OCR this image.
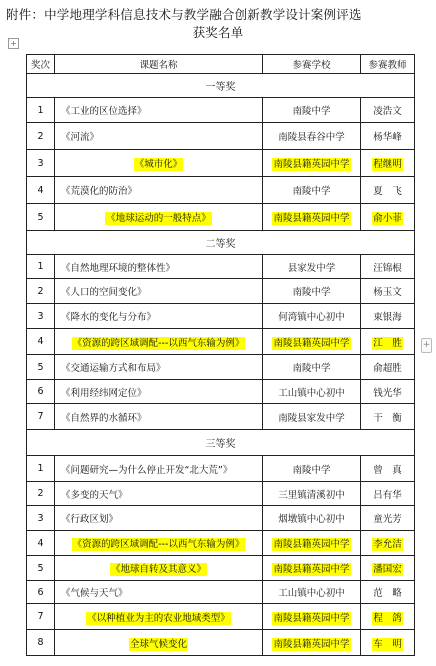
附件：中学地理学科信息技术与教学融合创新教学设计案例评选
获奖名单
+
+
奖次	课题名称	参赛学校	参赛教师
一等奖			
1	《工业的区位选择》	南陵中学	凌浩文
2	《河流》	南陵县春谷中学	杨华峰
3	《城市化》	南陵县籍英园中学	程继明
4	《荒漠化的防治》	南陵中学	夏　飞
5	《地球运动的一般特点》	南陵县籍英园中学	俞小菲
二等奖			
1	《自然地理环境的整体性》	县家发中学	汪锦根
2	《人口的空间变化》	南陵中学	杨玉文
3	《降水的变化与分布》	何湾镇中心初中	束银海
4	《资源的跨区域调配---以西气东输为例》	南陵县籍英园中学	江　胜
5	《交通运输方式和布局》	南陵中学	俞超胜
6	《利用经纬网定位》	工山镇中心初中	钱光华
7	《自然界的水循环》	南陵县家发中学	干　衡
三等奖			
1	《问题研究—为什么停止开发“北大荒”》	南陵中学	曾　真
2	《多变的天气》	三里镇清溪初中	吕有华
3	《行政区划》	烟墩镇中心初中	童光芳
4	《资源的跨区域调配---以西气东输为例》	南陵县籍英园中学	李允洁
5	《地球自转及其意义》	南陵县籍英园中学	潘国宏
6	《气候与天气》	工山镇中心初中	范　略
7	《以种植业为主的农业地域类型》	南陵县籍英园中学	程　鸽
8	全球气候变化	南陵县籍英园中学	车　明
